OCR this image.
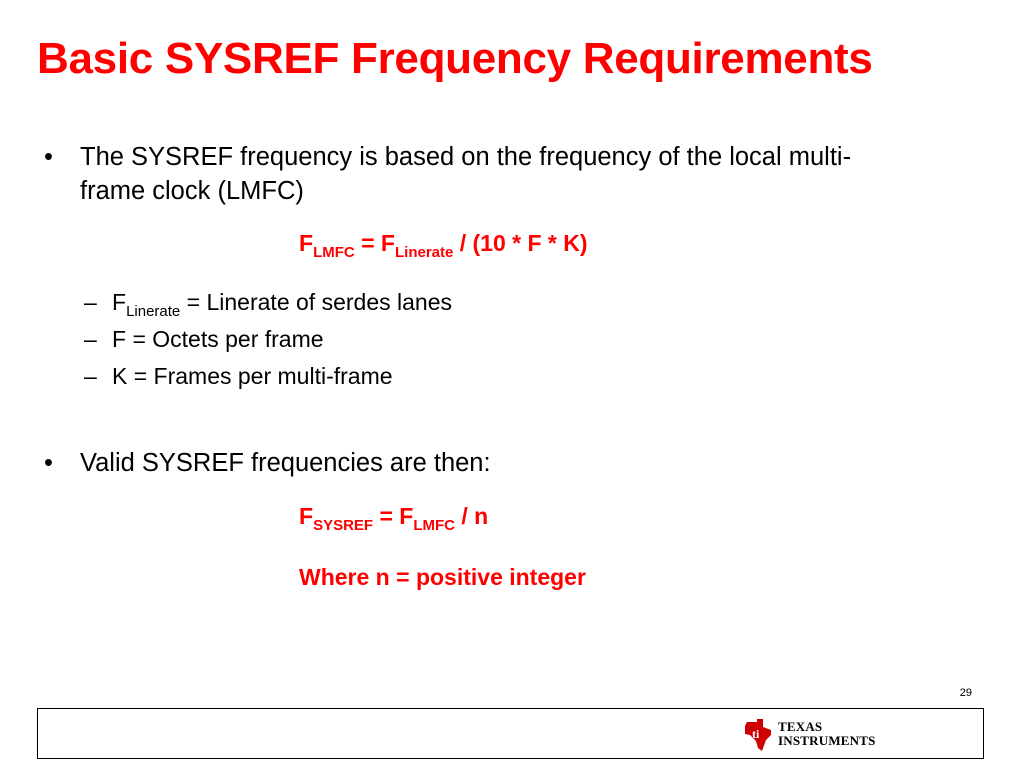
Basic SYSREF Frequency Requirements
• The SYSREF frequency is based on the frequency of the local multi-
frame clock (LMFC)
$F_{LMFC} = F_{Linerate} / (10 * F * K)$
– $F_{Linerate}$ = Linerate of serdes lanes
– F = Octets per frame
– K = Frames per multi-frame
• Valid SYSREF frequencies are then:
$F_{SYSREF} = F_{LMFC} / n$
Where n = positive integer
29
ti TEXAS
INSTRUMENTS
